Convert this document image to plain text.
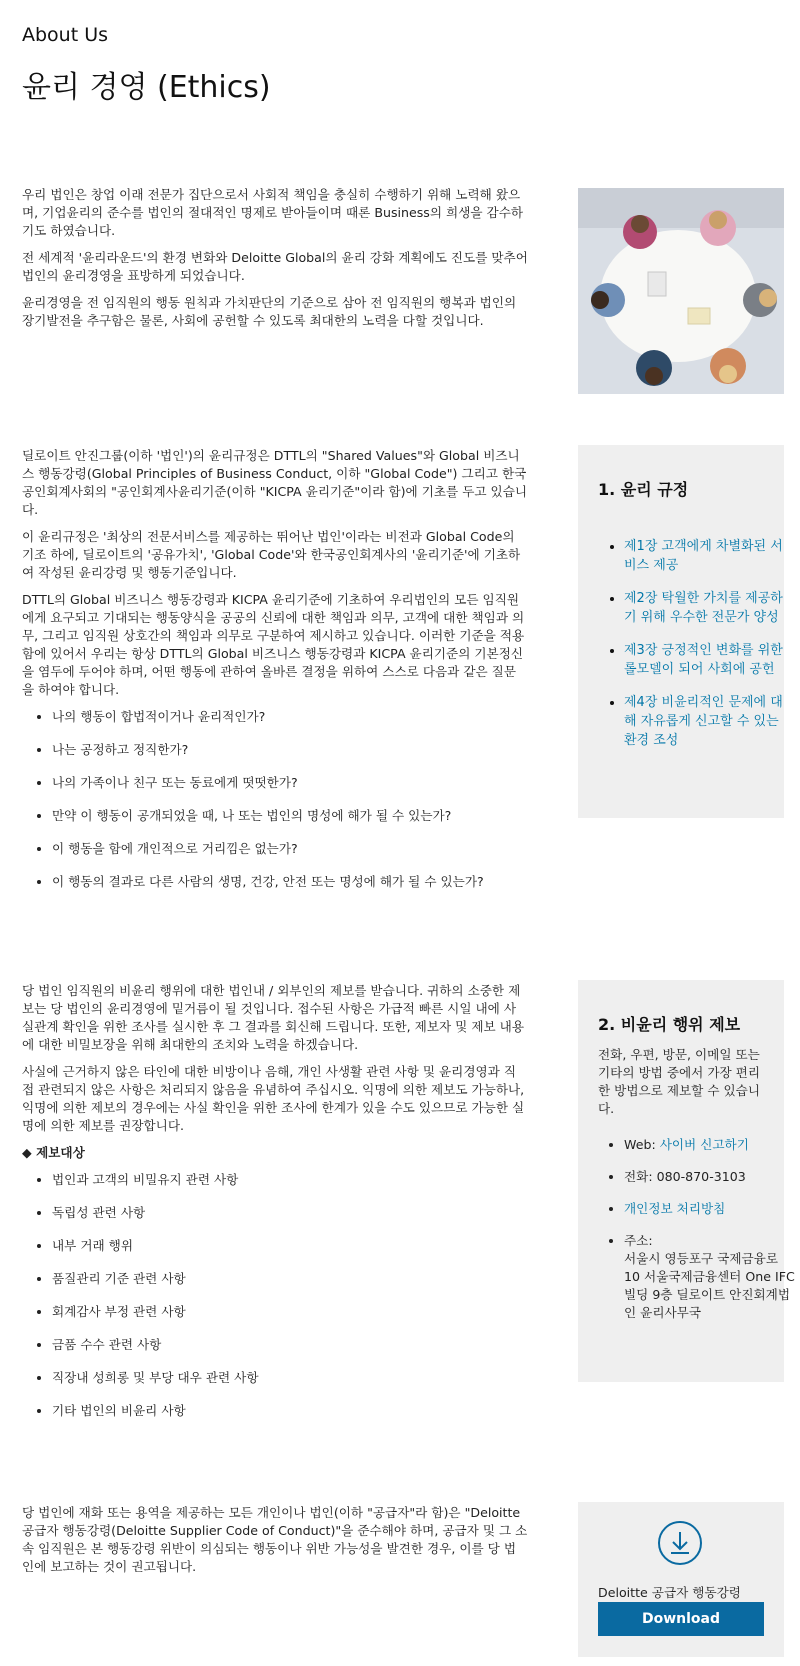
About Us
윤리 경영 (Ethics)

우리 법인은 창업 이래 전문가 집단으로서 사회적 책임을 충실히 수행하기 위해 노력해 왔으며, 기업윤리의 준수를 법인의 절대적인 명제로 받아들이며 때론 Business의 희생을 감수하기도 하였습니다.

전 세계적 '윤리라운드'의 환경 변화와 Deloitte Global의 윤리 강화 계획에도 진도를 맞추어 법인의 윤리경영을 표방하게 되었습니다.

윤리경영을 전 임직원의 행동 원칙과 가치판단의 기준으로 삼아 전 임직원의 행복과 법인의 장기발전을 추구함은 물론, 사회에 공헌할 수 있도록 최대한의 노력을 다할 것입니다.

딜로이트 안진그룹(이하 '법인')의 윤리규정은 DTTL의 "Shared Values"와 Global 비즈니스 행동강령(Global Principles of Business Conduct, 이하 "Global Code") 그리고 한국공인회계사회의 "공인회계사윤리기준(이하 "KICPA 윤리기준"이라 함)에 기초를 두고 있습니다.

이 윤리규정은 '최상의 전문서비스를 제공하는 뛰어난 법인'이라는 비전과 Global Code의 기조 하에, 딜로이트의 '공유가치', 'Global Code'와 한국공인회계사의 '윤리기준'에 기초하여 작성된 윤리강령 및 행동기준입니다.

DTTL의 Global 비즈니스 행동강령과 KICPA 윤리기준에 기초하여 우리법인의 모든 임직원에게 요구되고 기대되는 행동양식을 공공의 신뢰에 대한 책임과 의무, 고객에 대한 책임과 의무, 그리고 임직원 상호간의 책임과 의무로 구분하여 제시하고 있습니다. 이러한 기준을 적용함에 있어서 우리는 항상 DTTL의 Global 비즈니스 행동강령과 KICPA 윤리기준의 기본정신을 염두에 두어야 하며, 어떤 행동에 관하여 올바른 결정을 위하여 스스로 다음과 같은 질문을 하여야 합니다.

• 나의 행동이 합법적이거나 윤리적인가?
• 나는 공정하고 정직한가?
• 나의 가족이나 친구 또는 동료에게 떳떳한가?
• 만약 이 행동이 공개되었을 때, 나 또는 법인의 명성에 해가 될 수 있는가?
• 이 행동을 함에 개인적으로 거리낌은 없는가?
• 이 행동의 결과로 다른 사람의 생명, 건강, 안전 또는 명성에 해가 될 수 있는가?
1. 윤리 규정
• 제1장 고객에게 차별화된 서비스 제공
• 제2장 탁월한 가치를 제공하기 위해 우수한 전문가 양성
• 제3장 긍정적인 변화를 위한 롤모델이 되어 사회에 공헌
• 제4장 비윤리적인 문제에 대해 자유롭게 신고할 수 있는 환경 조성

당 법인 임직원의 비윤리 행위에 대한 법인내 / 외부인의 제보를 받습니다. 귀하의 소중한 제보는 당 법인의 윤리경영에 밑거름이 될 것입니다. 접수된 사항은 가급적 빠른 시일 내에 사실관계 확인을 위한 조사를 실시한 후 그 결과를 회신해 드립니다. 또한, 제보자 및 제보 내용에 대한 비밀보장을 위해 최대한의 조치와 노력을 하겠습니다.

사실에 근거하지 않은 타인에 대한 비방이나 음해, 개인 사생활 관련 사항 및 윤리경영과 직접 관련되지 않은 사항은 처리되지 않음을 유념하여 주십시오. 익명에 의한 제보도 가능하나, 익명에 의한 제보의 경우에는 사실 확인을 위한 조사에 한계가 있을 수도 있으므로 가능한 실명에 의한 제보를 권장합니다.

◆ 제보대상

• 법인과 고객의 비밀유지 관련 사항
• 독립성 관련 사항
• 내부 거래 행위
• 품질관리 기준 관련 사항
• 회계감사 부정 관련 사항
• 금품 수수 관련 사항
• 직장내 성희롱 및 부당 대우 관련 사항
• 기타 법인의 비윤리 사항
2. 비윤리 행위 제보

전화, 우편, 방문, 이메일 또는 기타의 방법 중에서 가장 편리한 방법으로 제보할 수 있습니다.

• Web: 사이버 신고하기
• 전화: 080-870-3103
• 개인정보 처리방침
• 주소:
서울시 영등포구 국제금융로 10 서울국제금융센터 One IFC 빌딩 9층 딜로이트 안진회계법인 윤리사무국

당 법인에 재화 또는 용역을 제공하는 모든 개인이나 법인(이하 "공급자"라 함)은 "Deloitte 공급자 행동강령(Deloitte Supplier Code of Conduct)"을 준수해야 하며, 공급자 및 그 소속 임직원은 본 행동강령 위반이 의심되는 행동이나 위반 가능성을 발견한 경우, 이를 당 법인에 보고하는 것이 권고됩니다.

Deloitte 공급자 행동강령

Download
